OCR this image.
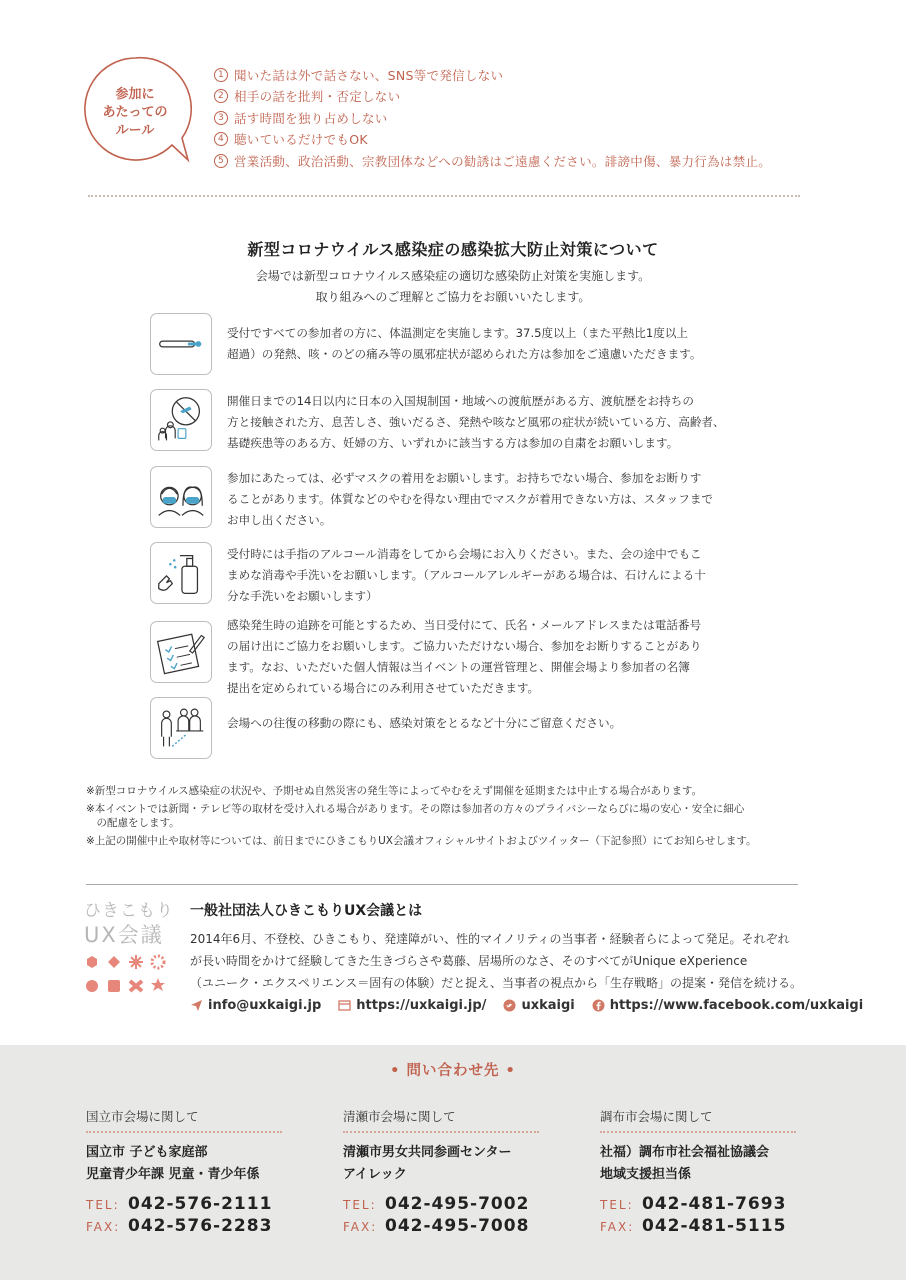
参加に
あたっての
ルール
1 聞いた話は外で話さない、SNS等で発信しない
2 相手の話を批判・否定しない
3 話す時間を独り占めしない
4 聴いているだけでもOK
5 営業活動、政治活動、宗教団体などへの勧誘はご遠慮ください。誹謗中傷、暴力行為は禁止。
新型コロナウイルス感染症の感染拡大防止対策について
会場では新型コロナウイルス感染症の適切な感染防止対策を実施します。
取り組みへのご理解とご協力をお願いいたします。
受付ですべての参加者の方に、体温測定を実施します。37.5度以上（また平熱比1度以上
超過）の発熱、咳・のどの痛み等の風邪症状が認められた方は参加をご遠慮いただきます。
開催日までの14日以内に日本の入国規制国・地域への渡航歴がある方、渡航歴をお持ちの
方と接触された方、息苦しさ、強いだるさ、発熱や咳など風邪の症状が続いている方、高齢者、
基礎疾患等のある方、妊婦の方、いずれかに該当する方は参加の自粛をお願いします。
参加にあたっては、必ずマスクの着用をお願いします。お持ちでない場合、参加をお断りす
ることがあります。体質などのやむを得ない理由でマスクが着用できない方は、スタッフまで
お申し出ください。
受付時には手指のアルコール消毒をしてから会場にお入りください。また、会の途中でもこ
まめな消毒や手洗いをお願いします。（アルコールアレルギーがある場合は、石けんによる十
分な手洗いをお願いします）
感染発生時の追跡を可能とするため、当日受付にて、氏名・メールアドレスまたは電話番号
の届け出にご協力をお願いします。ご協力いただけない場合、参加をお断りすることがあり
ます。なお、いただいた個人情報は当イベントの運営管理と、開催会場より参加者の名簿
提出を定められている場合にのみ利用させていただきます。
会場への往復の移動の際にも、感染対策をとるなど十分にご留意ください。
※新型コロナウイルス感染症の状況や、予期せぬ自然災害の発生等によってやむをえず開催を延期または中止する場合があります。
※本イベントでは新聞・テレビ等の取材を受け入れる場合があります。その際は参加者の方々のプライバシーならびに場の安心・安全に細心
　の配慮をします。
※上記の開催中止や取材等については、前日までにひきこもりUX会議オフィシャルサイトおよびツイッター（下記参照）にてお知らせします。
ひきこもり
UX会議
一般社団法人ひきこもりUX会議とは
2014年6月、不登校、ひきこもり、発達障がい、性的マイノリティの当事者・経験者らによって発足。それぞれ
が長い時間をかけて経験してきた生きづらさや葛藤、居場所のなさ、そのすべてがUnique eXperience
（ユニーク・エクスペリエンス＝固有の体験）だと捉え、当事者の視点から「生存戦略」の提案・発信を続ける。
info@uxkaigi.jp	https://uxkaigi.jp/	uxkaigi	https://www.facebook.com/uxkaigi
• 問い合わせ先 •
国立市会場に関して
国立市 子ども家庭部
児童青少年課 児童・青少年係
TEL: 042-576-2111
FAX: 042-576-2283
清瀬市会場に関して
清瀬市男女共同参画センター
アイレック
TEL: 042-495-7002
FAX: 042-495-7008
調布市会場に関して
社福）調布市社会福祉協議会
地域支援担当係
TEL: 042-481-7693
FAX: 042-481-5115
